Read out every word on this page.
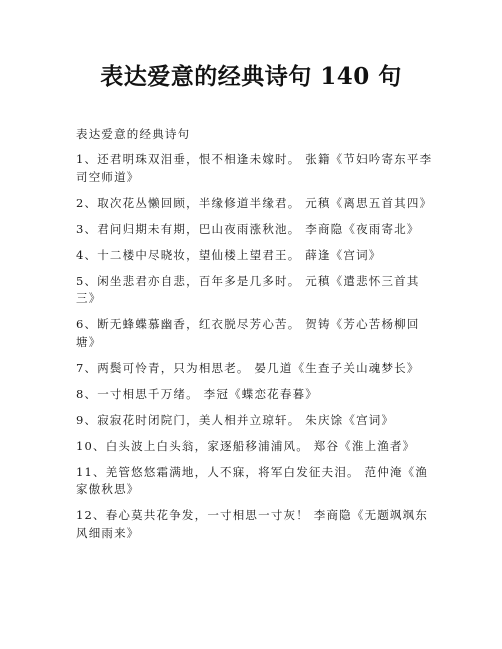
表达爱意的经典诗句 140 句
表达爱意的经典诗句
1、还君明珠双泪垂，恨不相逢未嫁时。 张籍《节妇吟寄东平李司空师道》
2、取次花丛懒回顾，半缘修道半缘君。 元稹《离思五首其四》
3、君问归期未有期，巴山夜雨涨秋池。 李商隐《夜雨寄北》
4、十二楼中尽晓妆，望仙楼上望君王。 薛逢《宫词》
5、闲坐悲君亦自悲，百年多是几多时。 元稹《遣悲怀三首其三》
6、断无蜂蝶慕幽香，红衣脱尽芳心苦。 贺铸《芳心苦杨柳回塘》
7、两鬓可怜青，只为相思老。 晏几道《生查子关山魂梦长》
8、一寸相思千万绪。 李冠《蝶恋花春暮》
9、寂寂花时闭院门，美人相并立琼轩。 朱庆馀《宫词》
10、白头波上白头翁，家逐船移浦浦风。 郑谷《淮上渔者》
11、羌管悠悠霜满地，人不寐，将军白发征夫泪。 范仲淹《渔家傲秋思》
12、春心莫共花争发，一寸相思一寸灰！ 李商隐《无题飒飒东风细雨来》
